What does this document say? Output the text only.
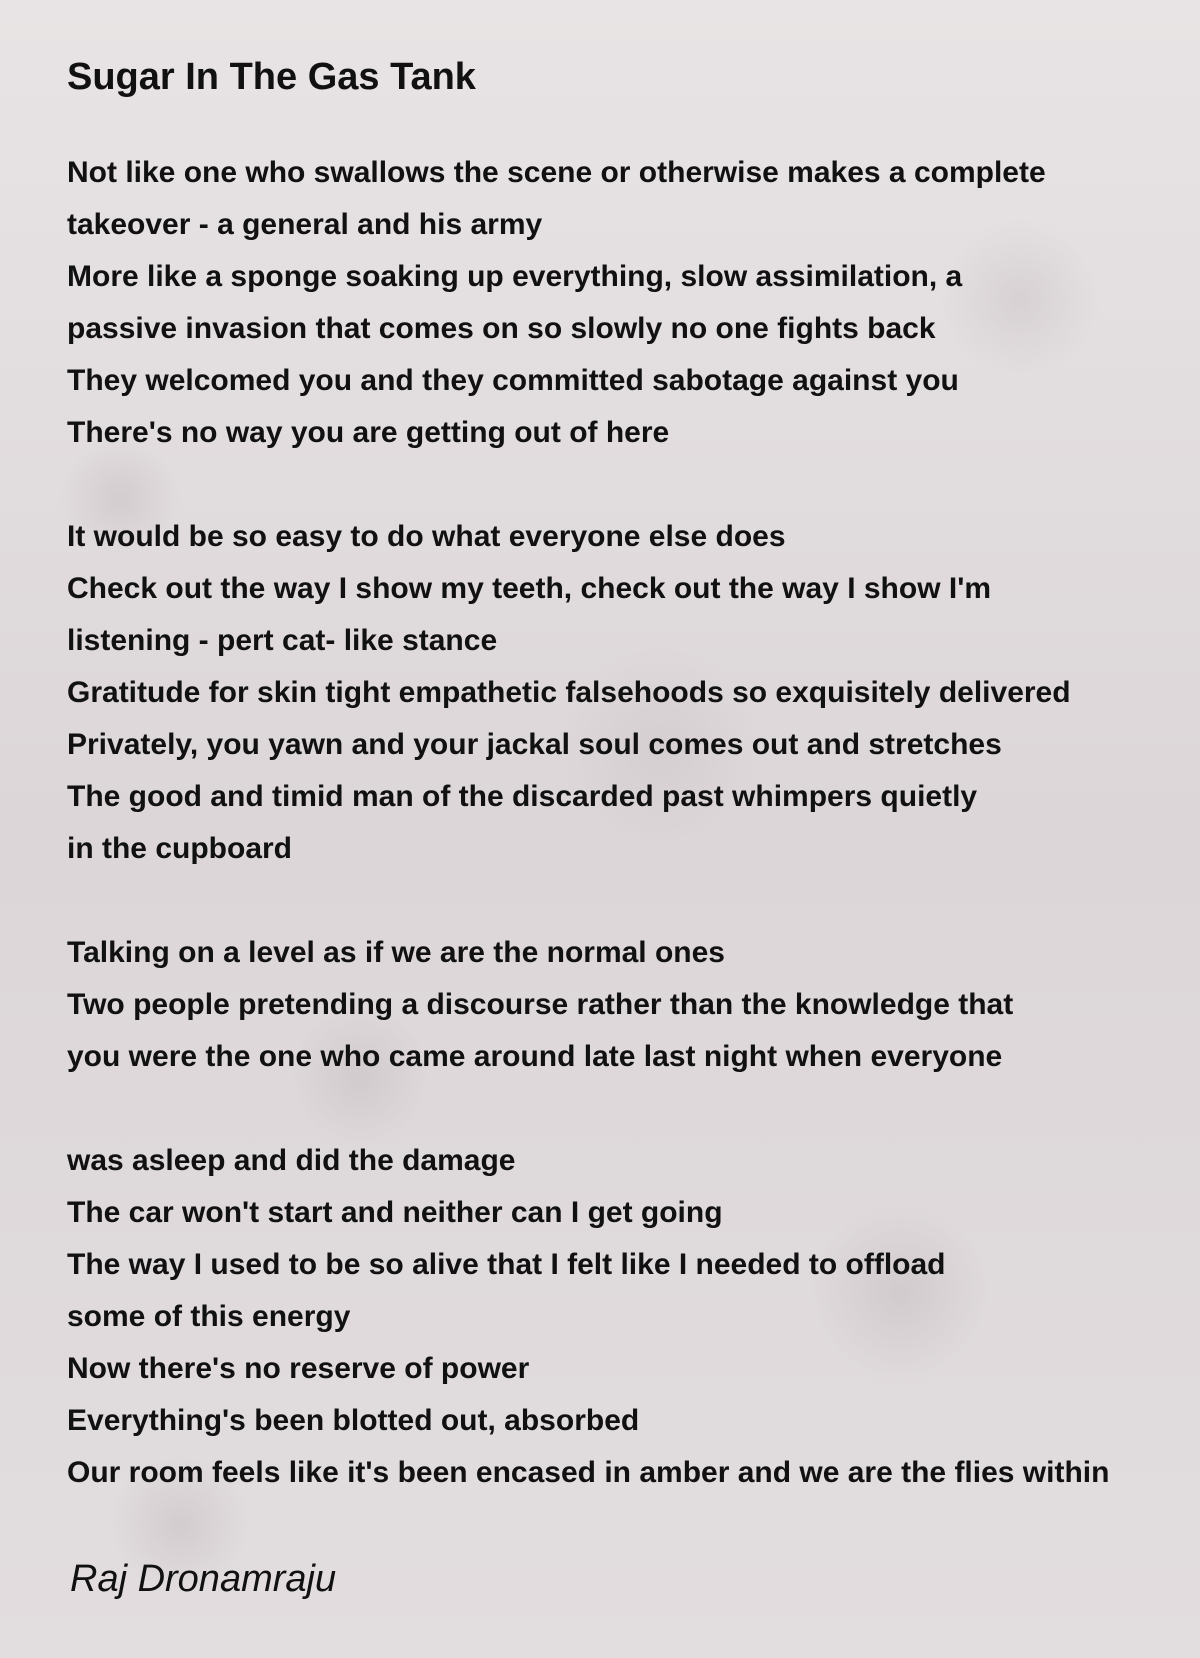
Sugar In The Gas Tank
Not like one who swallows the scene or otherwise makes a complete
takeover - a general and his army
More like a sponge soaking up everything, slow assimilation, a
passive invasion that comes on so slowly no one fights back
They welcomed you and they committed sabotage against you
There's no way you are getting out of here
It would be so easy to do what everyone else does
Check out the way I show my teeth, check out the way I show I'm
listening - pert cat- like stance
Gratitude for skin tight empathetic falsehoods so exquisitely delivered
Privately, you yawn and your jackal soul comes out and stretches
The good and timid man of the discarded past whimpers quietly
in the cupboard
Talking on a level as if we are the normal ones
Two people pretending a discourse rather than the knowledge that
you were the one who came around late last night when everyone
was asleep and did the damage
The car won't start and neither can I get going
The way I used to be so alive that I felt like I needed to offload
some of this energy
Now there's no reserve of power
Everything's been blotted out, absorbed
Our room feels like it's been encased in amber and we are the flies within
Raj Dronamraju
